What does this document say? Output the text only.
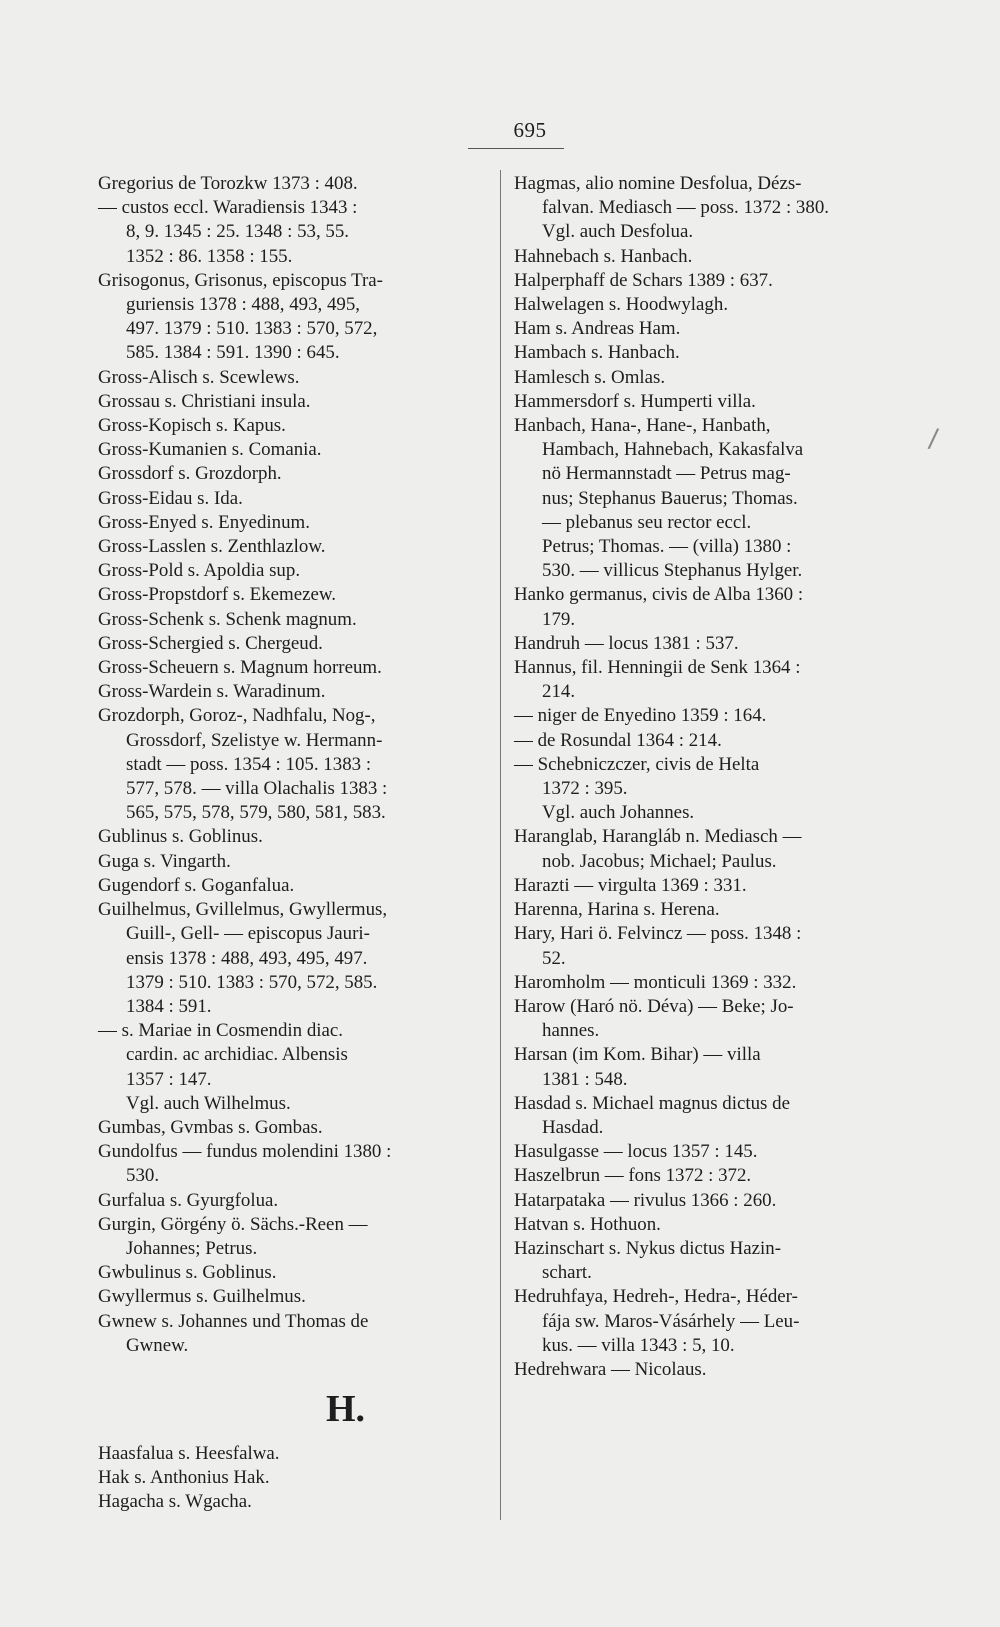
695

Gregorius de Torozkw 1373 : 408.

— custos eccl. Waradiensis 1343 :
8, 9. 1345 : 25. 1348 : 53, 55.
1352 : 86. 1358 : 155.

Grisogonus, Grisonus, episcopus Tra-
guriensis 1378 : 488, 493, 495,
497. 1379 : 510. 1383 : 570, 572,
585. 1384 : 591. 1390 : 645.

Gross-Alisch s. Scewlews.

Grossau s. Christiani insula.

Gross-Kopisch s. Kapus.

Gross-Kumanien s. Comania.

Grossdorf s. Grozdorph.

Gross-Eidau s. Ida.

Gross-Enyed s. Enyedinum.

Gross-Lasslen s. Zenthlazlow.

Gross-Pold s. Apoldia sup.

Gross-Propstdorf s. Ekemezew.

Gross-Schenk s. Schenk magnum.

Gross-Schergied s. Chergeud.

Gross-Scheuern s. Magnum horreum.

Gross-Wardein s. Waradinum.

Grozdorph, Goroz-, Nadhfalu, Nog-,
Grossdorf, Szelistye w. Hermann-
stadt — poss. 1354 : 105. 1383 :
577, 578. — villa Olachalis 1383 :
565, 575, 578, 579, 580, 581, 583.

Gublinus s. Goblinus.

Guga s. Vingarth.

Gugendorf s. Goganfalua.

Guilhelmus, Gvillelmus, Gwyllermus,
Guill-, Gell- — episcopus Jauri-
ensis 1378 : 488, 493, 495, 497.
1379 : 510. 1383 : 570, 572, 585.
1384 : 591.

— s. Mariae in Cosmendin diac.
cardin. ac archidiac. Albensis
1357 : 147.
Vgl. auch Wilhelmus.

Gumbas, Gvmbas s. Gombas.

Gundolfus — fundus molendini 1380 :
530.

Gurfalua s. Gyurgfolua.

Gurgin, Görgény ö. Sächs.-Reen —
Johannes; Petrus.

Gwbulinus s. Goblinus.

Gwyllermus s. Guilhelmus.

Gwnew s. Johannes und Thomas de
Gwnew.

H.

Haasfalua s. Heesfalwa.

Hak s. Anthonius Hak.

Hagacha s. Wgacha.

Hagmas, alio nomine Desfolua, Dézs-
falvan. Mediasch — poss. 1372 : 380.
Vgl. auch Desfolua.

Hahnebach s. Hanbach.

Halperphaff de Schars 1389 : 637.

Halwelagen s. Hoodwylagh.

Ham s. Andreas Ham.

Hambach s. Hanbach.

Hamlesch s. Omlas.

Hammersdorf s. Humperti villa.

Hanbach, Hana-, Hane-, Hanbath,
Hambach, Hahnebach, Kakasfalva
nö Hermannstadt — Petrus mag-
nus; Stephanus Bauerus; Thomas.
— plebanus seu rector eccl.
Petrus; Thomas. — (villa) 1380 :
530. — villicus Stephanus Hylger.

Hanko germanus, civis de Alba 1360 :
179.

Handruh — locus 1381 : 537.

Hannus, fil. Henningii de Senk 1364 :
214.

— niger de Enyedino 1359 : 164.

— de Rosundal 1364 : 214.

— Schebniczczer, civis de Helta
1372 : 395.
Vgl. auch Johannes.

Haranglab, Harangláb n. Mediasch —
nob. Jacobus; Michael; Paulus.

Harazti — virgulta 1369 : 331.

Harenna, Harina s. Herena.

Hary, Hari ö. Felvincz — poss. 1348 :
52.

Haromholm — monticuli 1369 : 332.

Harow (Haró nö. Déva) — Beke; Jo-
hannes.

Harsan (im Kom. Bihar) — villa
1381 : 548.

Hasdad s. Michael magnus dictus de
Hasdad.

Hasulgasse — locus 1357 : 145.

Haszelbrun — fons 1372 : 372.

Hatarpataka — rivulus 1366 : 260.

Hatvan s. Hothuon.

Hazinschart s. Nykus dictus Hazin-
schart.

Hedruhfaya, Hedreh-, Hedra-, Héder-
fája sw. Maros-Vásárhely — Leu-
kus. — villa 1343 : 5, 10.

Hedrehwara — Nicolaus.

/
